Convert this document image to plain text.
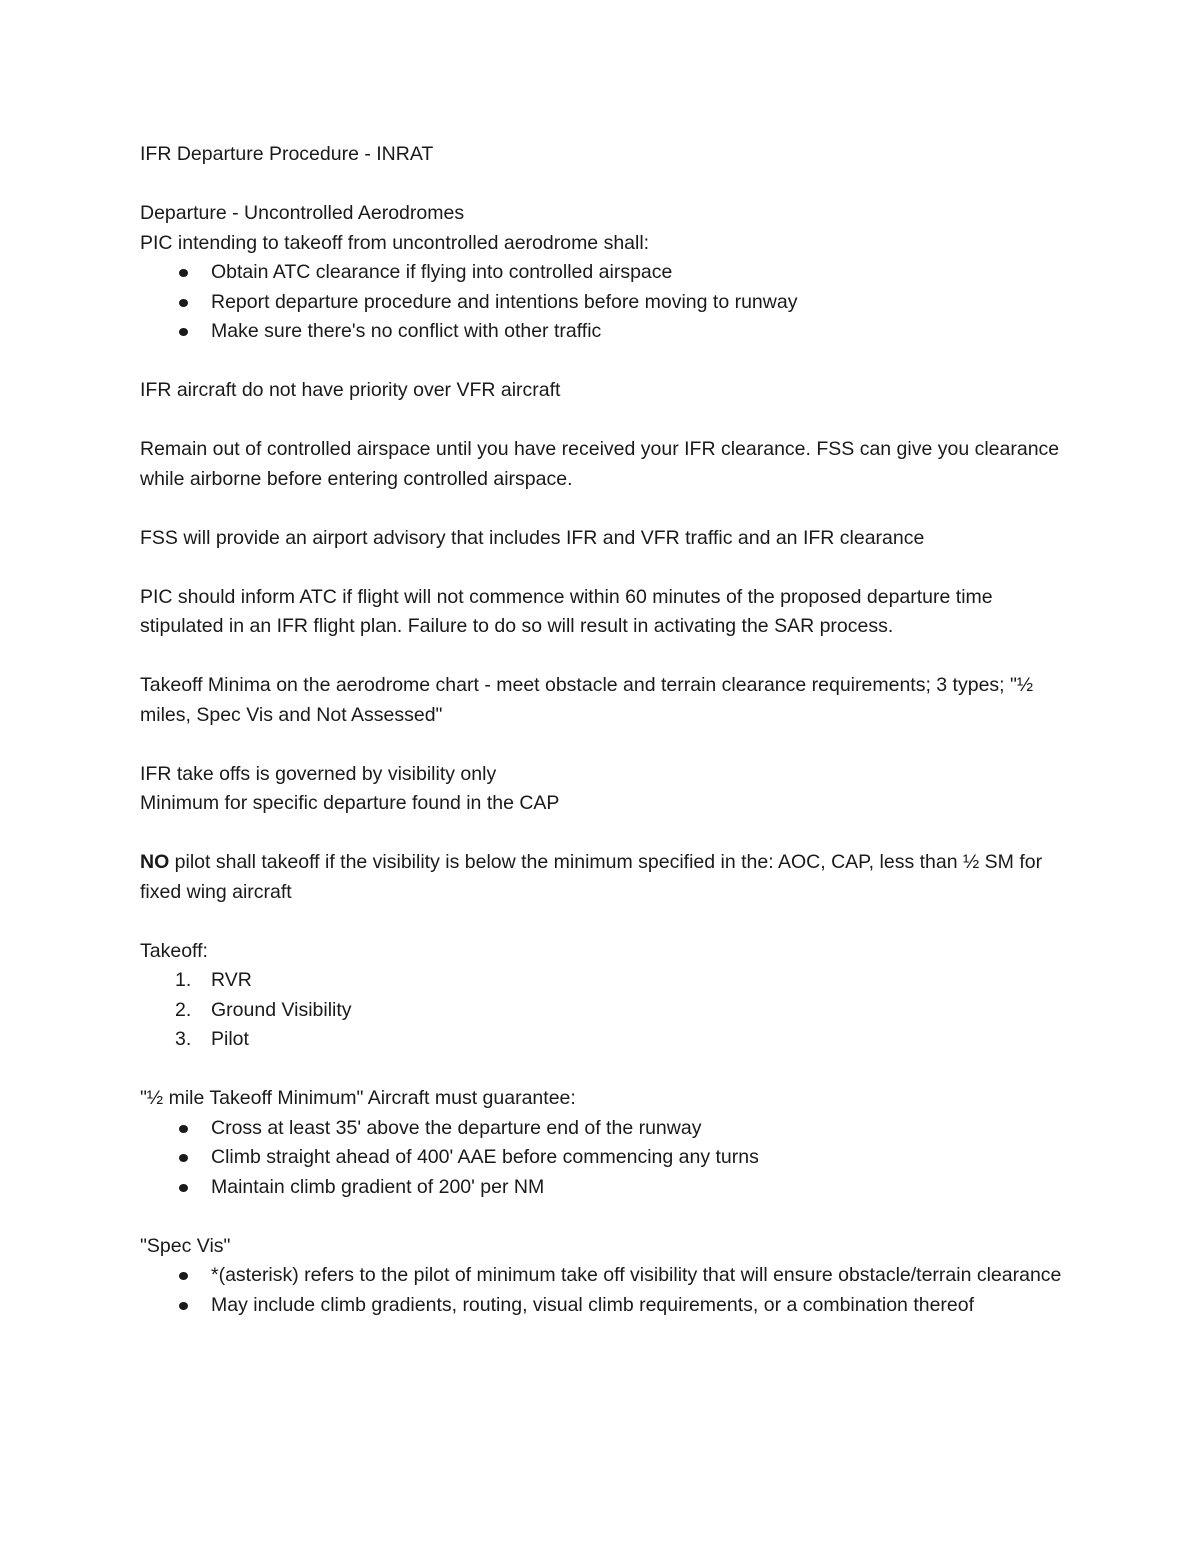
IFR Departure Procedure - INRAT

Departure - Uncontrolled Aerodromes

PIC intending to takeoff from uncontrolled aerodrome shall:

Obtain ATC clearance if flying into controlled airspace
Report departure procedure and intentions before moving to runway
Make sure there's no conflict with other traffic

IFR aircraft do not have priority over VFR aircraft

Remain out of controlled airspace until you have received your IFR clearance. FSS can give you clearance while airborne before entering controlled airspace.

FSS will provide an airport advisory that includes IFR and VFR traffic and an IFR clearance

PIC should inform ATC if flight will not commence within 60 minutes of the proposed departure time stipulated in an IFR flight plan. Failure to do so will result in activating the SAR process.

Takeoff Minima on the aerodrome chart - meet obstacle and terrain clearance requirements; 3 types; "½ miles, Spec Vis and Not Assessed"

IFR take offs is governed by visibility only

Minimum for specific departure found in the CAP

NO pilot shall takeoff if the visibility is below the minimum specified in the: AOC, CAP, less than ½ SM for fixed wing aircraft

Takeoff:

1. RVR
2. Ground Visibility
3. Pilot

"½ mile Takeoff Minimum" Aircraft must guarantee:

Cross at least 35' above the departure end of the runway
Climb straight ahead of 400' AAE before commencing any turns
Maintain climb gradient of 200' per NM

"Spec Vis"

*(asterisk) refers to the pilot of minimum take off visibility that will ensure obstacle/terrain clearance
May include climb gradients, routing, visual climb requirements, or a combination thereof
